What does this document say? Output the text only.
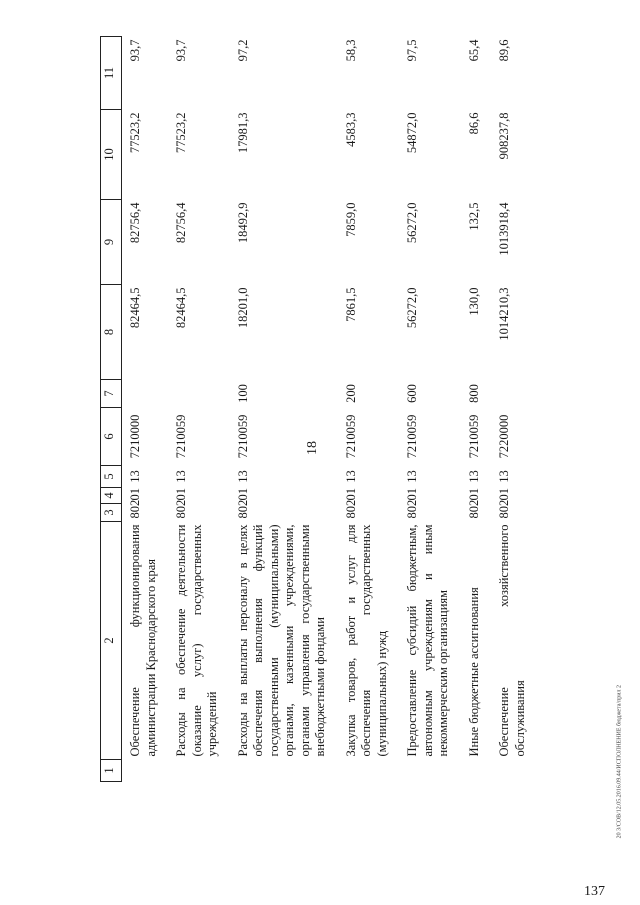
18
1	2	3	4	5	6	7	8	9	10	11
	Обеспечение функционирования администрации Краснодарского края	802	01	13	7210000		82464,5	82756,4	77523,2	93,7
	Расходы на обеспечение деятельности (оказание услуг) государственных учреждений	802	01	13	7210059		82464,5	82756,4	77523,2	93,7
	Расходы на выплаты персоналу в целях обеспечения выполнения функций государственными (муниципальными) органами, казенными учреждениями, органами управления государственными внебюджетными фондами	802	01	13	7210059	100	18201,0	18492,9	17981,3	97,2
	Закупка товаров, работ и услуг для обеспечения государственных (муниципальных) нужд	802	01	13	7210059	200	7861,5	7859,0	4583,3	58,3
	Предоставление субсидий бюджетным, автономным учреждениям и иным некоммерческим организациям	802	01	13	7210059	600	56272,0	56272,0	54872,0	97,5
	Иные бюджетные ассигнования	802	01	13	7210059	800	130,0	132,5	86,6	65,4
	Обеспечение хозяйственного обслуживания	802	01	13	7220000		1014210,3	1013918,4	908237,8	89,6
137
20 3/СОВ/12.05.2016.09.44/ИСПОЛНЕНИЕ бюджета/прил 2
